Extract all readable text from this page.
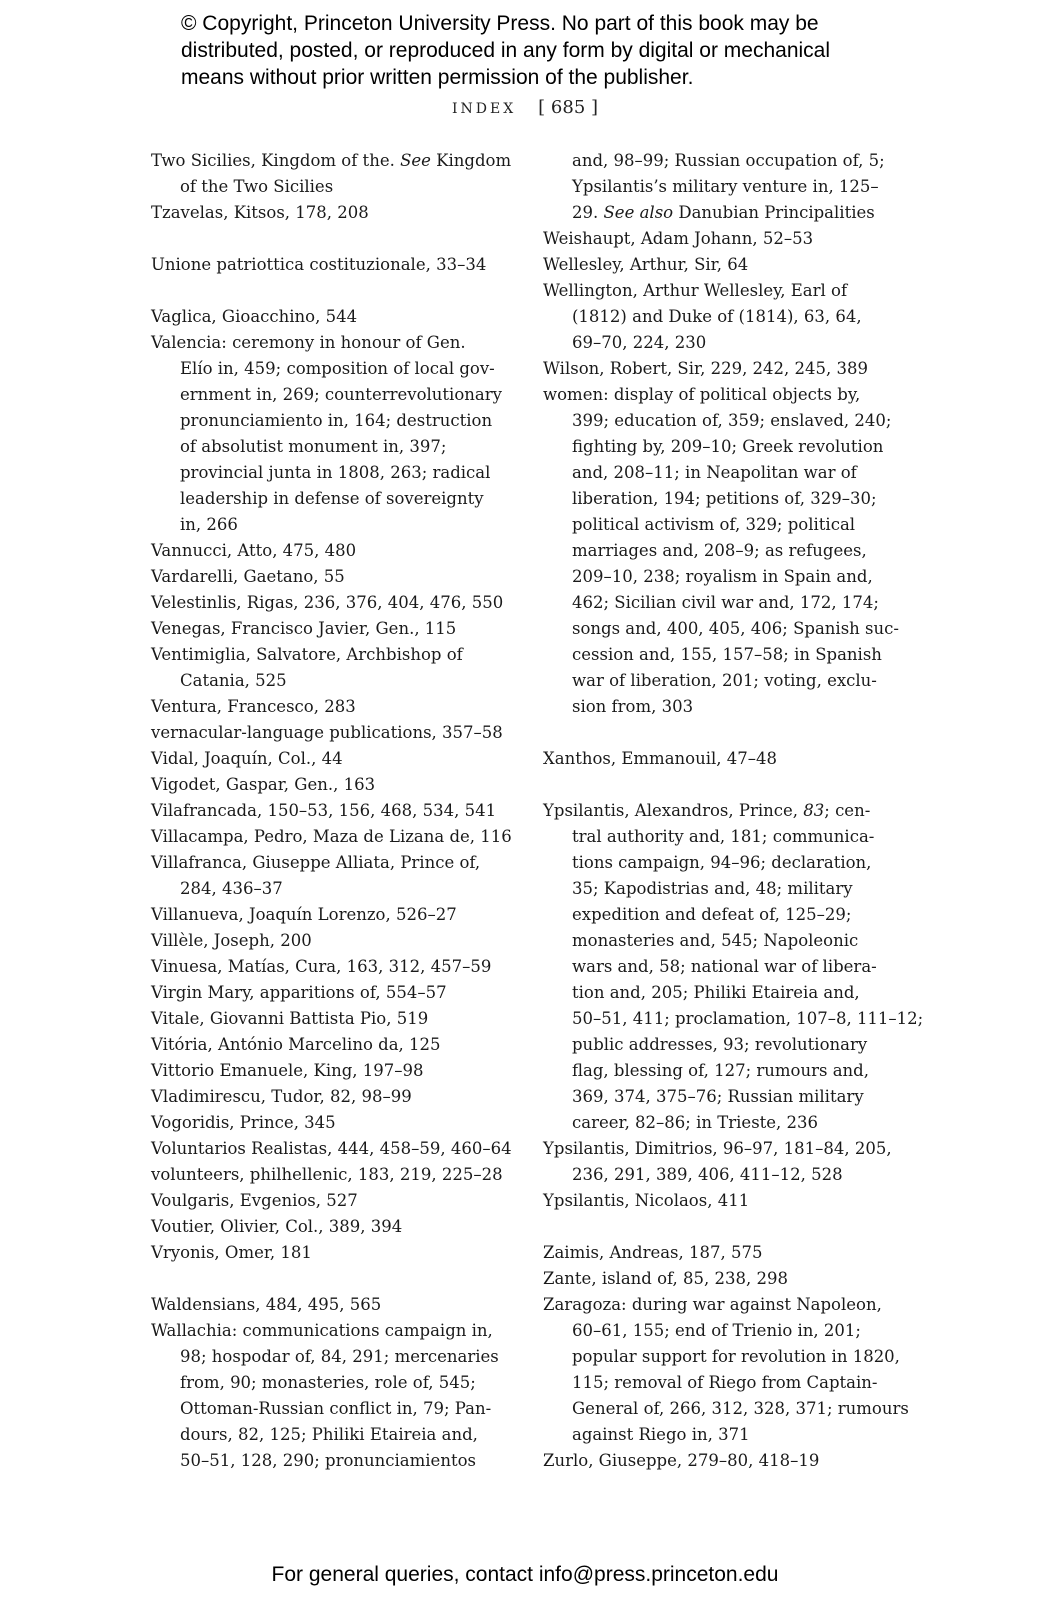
© Copyright, Princeton University Press. No part of this book may be
distributed, posted, or reproduced in any form by digital or mechanical
means without prior written permission of the publisher.
INDEX [ 685 ]
Two Sicilies, Kingdom of the. See Kingdom
of the Two Sicilies
Tzavelas, Kitsos, 178, 208
Unione patriottica costituzionale, 33–34
Vaglica, Gioacchino, 544
Valencia: ceremony in honour of Gen.
Elío in, 459; composition of local gov-
ernment in, 269; counterrevolutionary
pronunciamiento in, 164; destruction
of absolutist monument in, 397;
provincial junta in 1808, 263; radical
leadership in defense of sovereignty
in, 266
Vannucci, Atto, 475, 480
Vardarelli, Gaetano, 55
Velestinlis, Rigas, 236, 376, 404, 476, 550
Venegas, Francisco Javier, Gen., 115
Ventimiglia, Salvatore, Archbishop of
Catania, 525
Ventura, Francesco, 283
vernacular-language publications, 357–58
Vidal, Joaquín, Col., 44
Vigodet, Gaspar, Gen., 163
Vilafrancada, 150–53, 156, 468, 534, 541
Villacampa, Pedro, Maza de Lizana de, 116
Villafranca, Giuseppe Alliata, Prince of,
284, 436–37
Villanueva, Joaquín Lorenzo, 526–27
Villèle, Joseph, 200
Vinuesa, Matías, Cura, 163, 312, 457–59
Virgin Mary, apparitions of, 554–57
Vitale, Giovanni Battista Pio, 519
Vitória, António Marcelino da, 125
Vittorio Emanuele, King, 197–98
Vladimirescu, Tudor, 82, 98–99
Vogoridis, Prince, 345
Voluntarios Realistas, 444, 458–59, 460–64
volunteers, philhellenic, 183, 219, 225–28
Voulgaris, Evgenios, 527
Voutier, Olivier, Col., 389, 394
Vryonis, Omer, 181
Waldensians, 484, 495, 565
Wallachia: communications campaign in,
98; hospodar of, 84, 291; mercenaries
from, 90; monasteries, role of, 545;
Ottoman-Russian conflict in, 79; Pan-
dours, 82, 125; Philiki Etaireia and,
50–51, 128, 290; pronunciamientos
and, 98–99; Russian occupation of, 5;
Ypsilantis’s military venture in, 125–
29. See also Danubian Principalities
Weishaupt, Adam Johann, 52–53
Wellesley, Arthur, Sir, 64
Wellington, Arthur Wellesley, Earl of
(1812) and Duke of (1814), 63, 64,
69–70, 224, 230
Wilson, Robert, Sir, 229, 242, 245, 389
women: display of political objects by,
399; education of, 359; enslaved, 240;
fighting by, 209–10; Greek revolution
and, 208–11; in Neapolitan war of
liberation, 194; petitions of, 329–30;
political activism of, 329; political
marriages and, 208–9; as refugees,
209–10, 238; royalism in Spain and,
462; Sicilian civil war and, 172, 174;
songs and, 400, 405, 406; Spanish suc-
cession and, 155, 157–58; in Spanish
war of liberation, 201; voting, exclu-
sion from, 303
Xanthos, Emmanouil, 47–48
Ypsilantis, Alexandros, Prince, 83; cen-
tral authority and, 181; communica-
tions campaign, 94–96; declaration,
35; Kapodistrias and, 48; military
expedition and defeat of, 125–29;
monasteries and, 545; Napoleonic
wars and, 58; national war of libera-
tion and, 205; Philiki Etaireia and,
50–51, 411; proclamation, 107–8, 111–12;
public addresses, 93; revolutionary
flag, blessing of, 127; rumours and,
369, 374, 375–76; Russian military
career, 82–86; in Trieste, 236
Ypsilantis, Dimitrios, 96–97, 181–84, 205,
236, 291, 389, 406, 411–12, 528
Ypsilantis, Nicolaos, 411
Zaimis, Andreas, 187, 575
Zante, island of, 85, 238, 298
Zaragoza: during war against Napoleon,
60–61, 155; end of Trienio in, 201;
popular support for revolution in 1820,
115; removal of Riego from Captain-
General of, 266, 312, 328, 371; rumours
against Riego in, 371
Zurlo, Giuseppe, 279–80, 418–19
For general queries, contact info@press.princeton.edu
